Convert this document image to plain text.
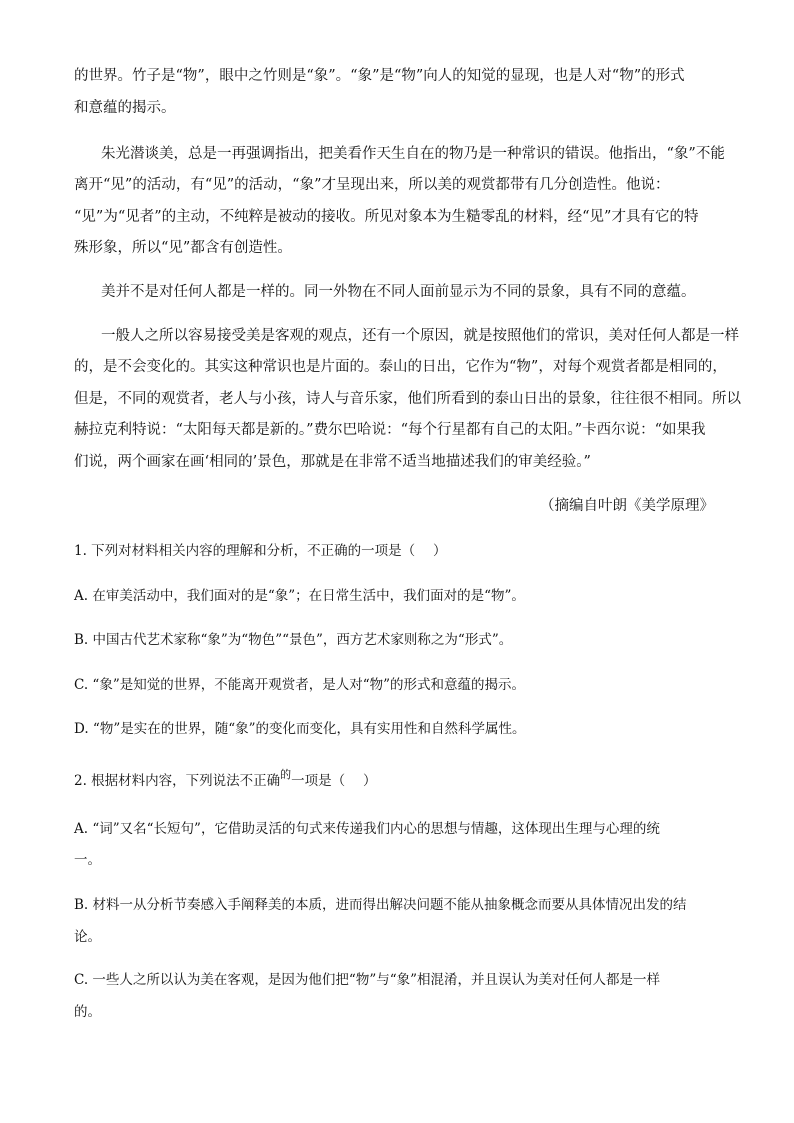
的世界。竹子是“物”，眼中之竹则是“象”。“象”是“物”向人的知觉的显现，也是人对“物”的形式
和意蕴的揭示。
朱光潜谈美，总是一再强调指出，把美看作天生自在的物乃是一种常识的错误。他指出，“象”不能
离开“见”的活动，有“见”的活动，“象”才呈现出来，所以美的观赏都带有几分创造性。他说：
“见”为“见者”的主动，不纯粹是被动的接收。所见对象本为生糙零乱的材料，经“见”才具有它的特
殊形象，所以“见”都含有创造性。
美并不是对任何人都是一样的。同一外物在不同人面前显示为不同的景象，具有不同的意蕴。
一般人之所以容易接受美是客观的观点，还有一个原因，就是按照他们的常识，美对任何人都是一样
的，是不会变化的。其实这种常识也是片面的。泰山的日出，它作为“物”，对每个观赏者都是相同的，
但是，不同的观赏者，老人与小孩，诗人与音乐家，他们所看到的泰山日出的景象，往往很不相同。所以
赫拉克利特说：“太阳每天都是新的。”费尔巴哈说：“每个行星都有自己的太阳。”卡西尔说：“如果我
们说，两个画家在画‘相同的’景色，那就是在非常不适当地描述我们的审美经验。”
（摘编自叶朗《美学原理》
1. 下列对材料相关内容的理解和分析，不正确的一项是（　 ）
A. 在审美活动中，我们面对的是“象”；在日常生活中，我们面对的是“物”。
B. 中国古代艺术家称“象”为“物色”“景色”，西方艺术家则称之为“形式”。
C. “象”是知觉的世界，不能离开观赏者，是人对“物”的形式和意蕴的揭示。
D. “物”是实在的世界，随“象”的变化而变化，具有实用性和自然科学属性。
2. 根据材料内容，下列说法不正确$^的$一项是（　 ）
A. “词”又名“长短句”，它借助灵活的句式来传递我们内心的思想与情趣，这体现出生理与心理的统
一。
B. 材料一从分析节奏感入手阐释美的本质，进而得出解决问题不能从抽象概念而要从具体情况出发的结
论。
C. 一些人之所以认为美在客观，是因为他们把“物”与“象”相混淆，并且误认为美对任何人都是一样
的。
